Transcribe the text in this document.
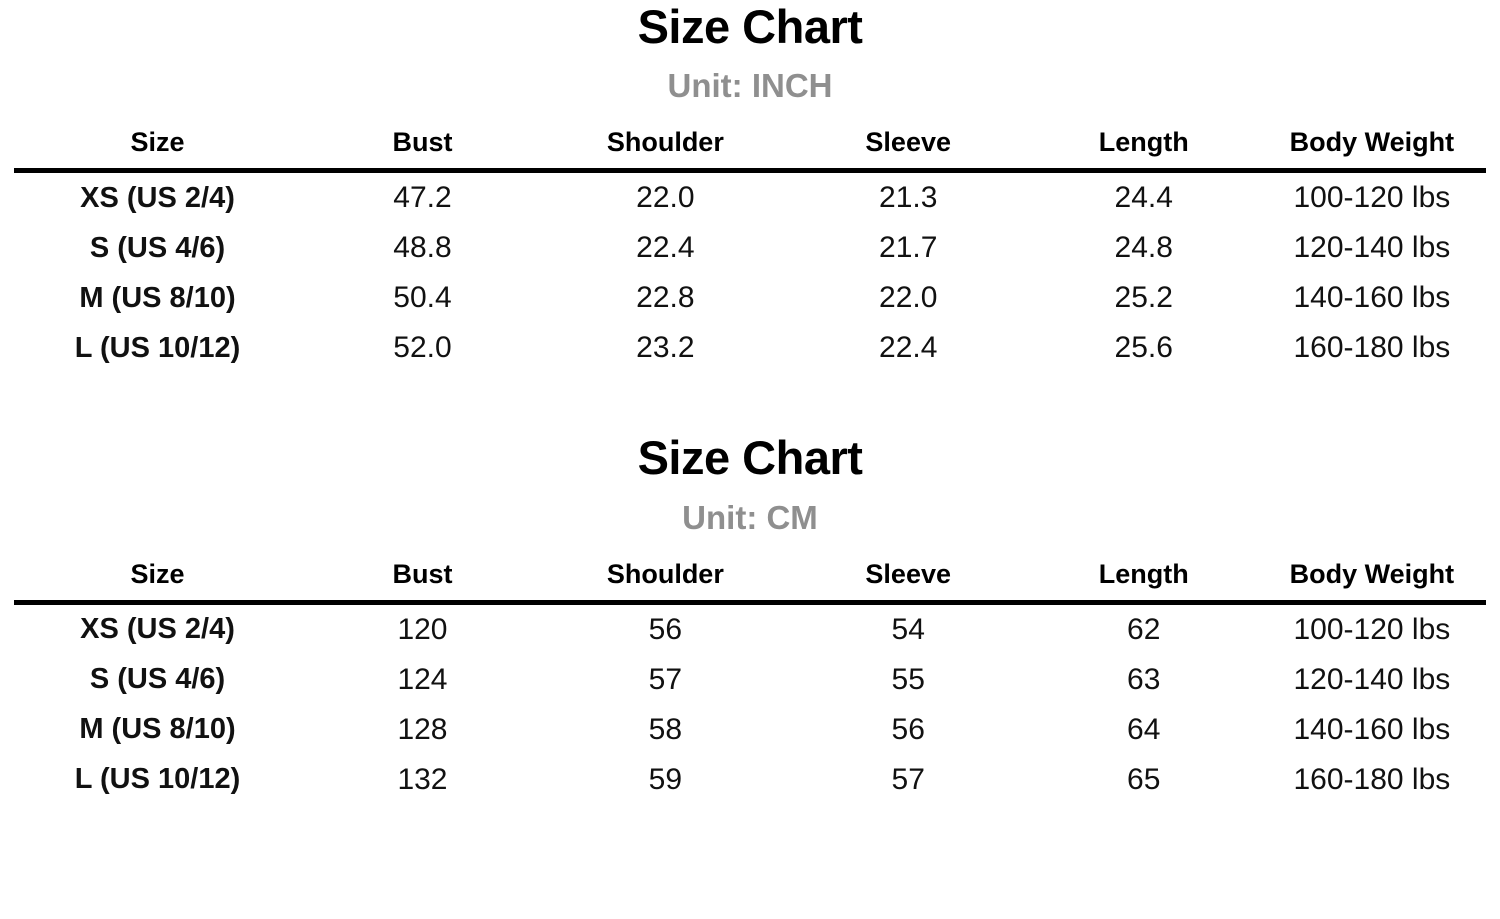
Size Chart
Unit: INCH
Size	Bust	Shoulder	Sleeve	Length	Body Weight
XS (US 2/4)	47.2	22.0	21.3	24.4	100-120 lbs
S (US 4/6)	48.8	22.4	21.7	24.8	120-140 lbs
M (US 8/10)	50.4	22.8	22.0	25.2	140-160 lbs
L (US 10/12)	52.0	23.2	22.4	25.6	160-180 lbs
Size Chart
Unit: CM
Size	Bust	Shoulder	Sleeve	Length	Body Weight
XS (US 2/4)	120	56	54	62	100-120 lbs
S (US 4/6)	124	57	55	63	120-140 lbs
M (US 8/10)	128	58	56	64	140-160 lbs
L (US 10/12)	132	59	57	65	160-180 lbs
